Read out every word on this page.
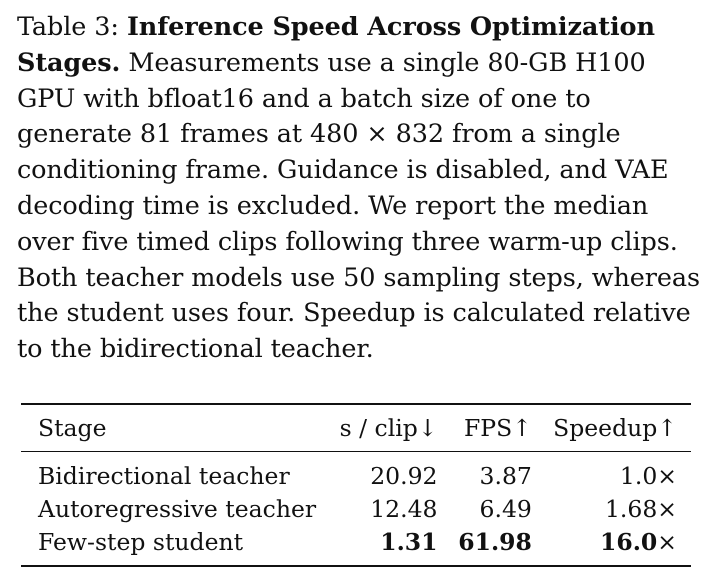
Table 3: Inference Speed Across Optimization Stages. Measurements use a single 80-GB H100 GPU with bfloat16 and a batch size of one to generate 81 frames at 480 × 832 from a single conditioning frame. Guidance is disabled, and VAE decoding time is excluded. We report the median over five timed clips following three warm-up clips. Both teacher models use 50 sampling steps, whereas the student uses four. Speedup is calculated relative to the bidirectional teacher.

Stage	s / clip↓	FPS↑	Speedup↑
Bidirectional teacher	20.92	3.87	1.0×
Autoregressive teacher	12.48	6.49	1.68×
Few-step student	1.31	61.98	16.0×
